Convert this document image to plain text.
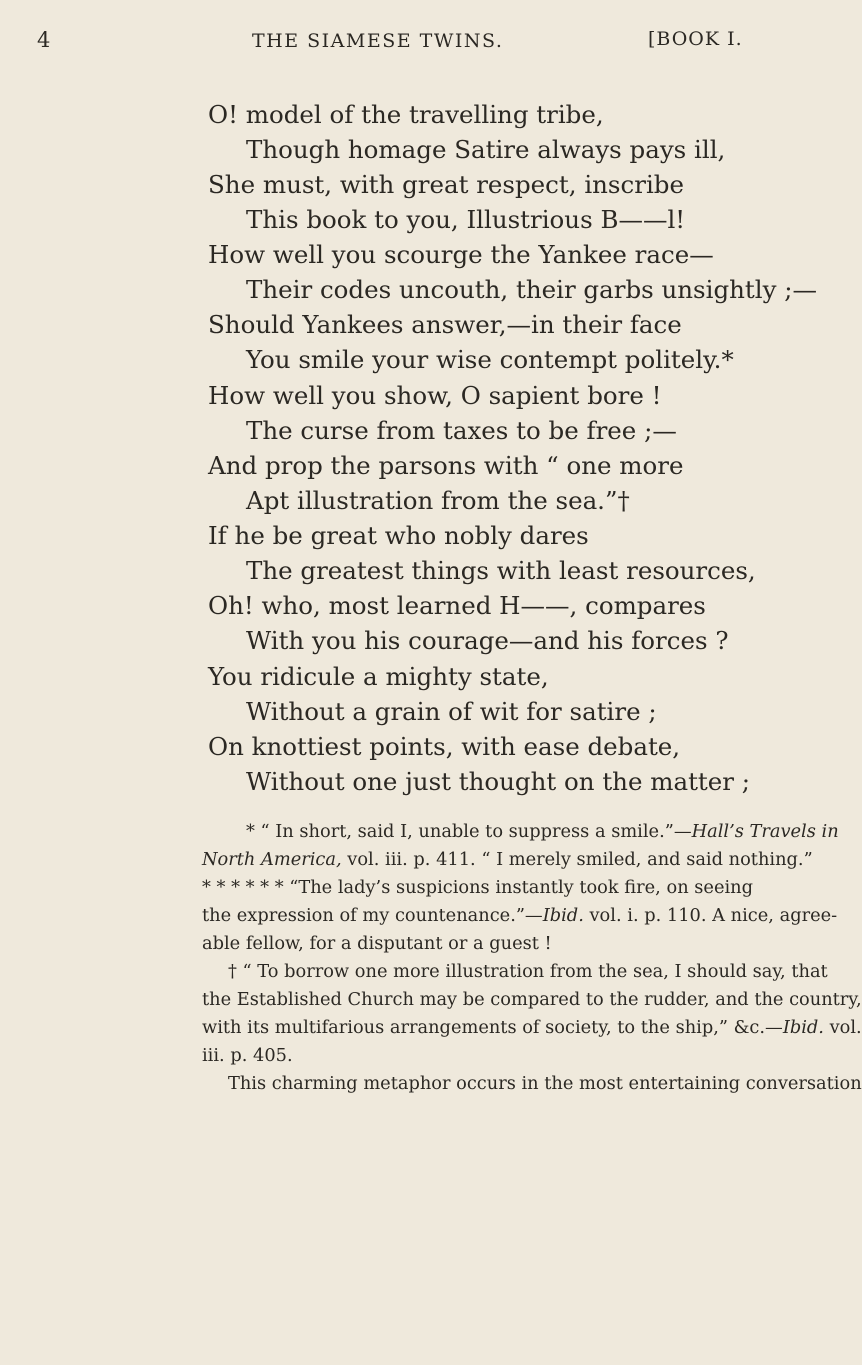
4	THE SIAMESE TWINS.	[BOOK I.
O! model of the travelling tribe,
Though homage Satire always pays ill,
She must, with great respect, inscribe
This book to you, Illustrious B——l!
How well you scourge the Yankee race—
Their codes uncouth, their garbs unsightly ;—
Should Yankees answer,—in their face
You smile your wise contempt politely.*
How well you show, O sapient bore !
The curse from taxes to be free ;—
And prop the parsons with “ one more
Apt illustration from the sea.”†
If he be great who nobly dares
The greatest things with least resources,
Oh! who, most learned H——, compares
With you his courage—and his forces ?
You ridicule a mighty state,
Without a grain of wit for satire ;
On knottiest points, with ease debate,
Without one just thought on the matter ;
* “ In short, said I, unable to suppress a smile.”—Hall’s Travels in
North America, vol. iii. p. 411. “ I merely smiled, and said nothing.”
* * * * * * “The lady’s suspicions instantly took fire, on seeing
the expression of my countenance.”—Ibid. vol. i. p. 110. A nice, agree-
able fellow, for a disputant or a guest !
† “ To borrow one more illustration from the sea, I should say, that
the Established Church may be compared to the rudder, and the country,
with its multifarious arrangements of society, to the ship,” &c.—Ibid. vol.
iii. p. 405.
This charming metaphor occurs in the most entertaining conversation
